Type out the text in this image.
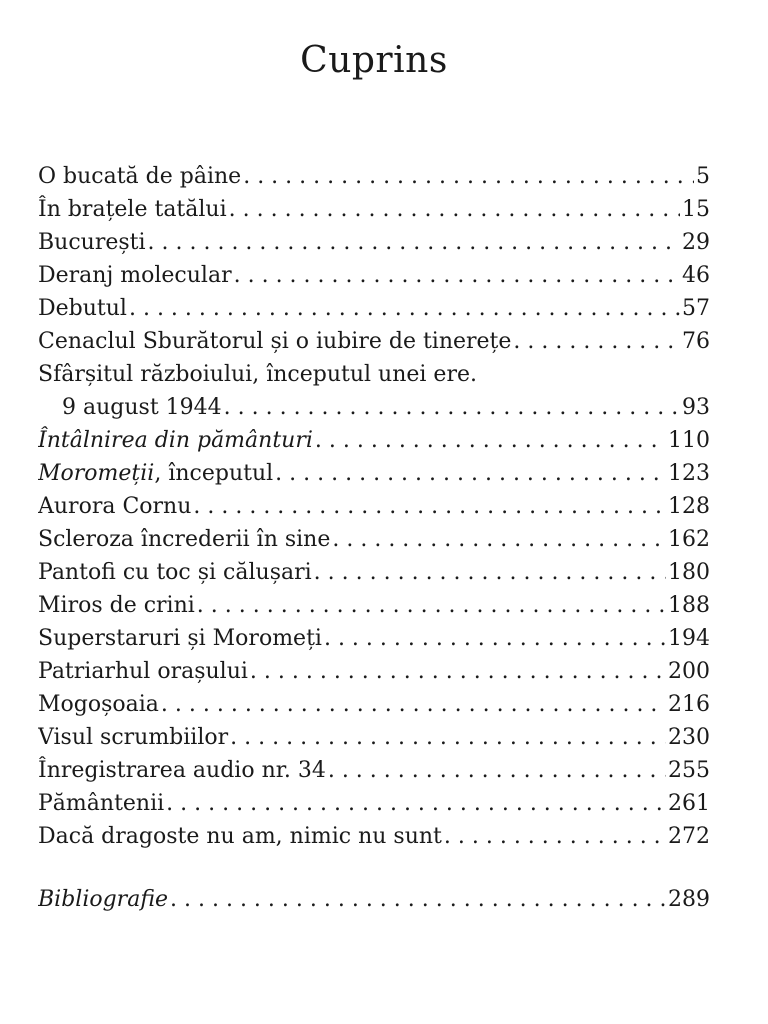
Cuprins
O bucată de pâine . . .	5
În brațele tatălui . . .	15
București . . .	29
Deranj molecular . . .	46
Debutul . . .	57
Cenaclul Sburătorul și o iubire de tinerețe . . .	76
Sfârșitul războiului, începutul unei ere.
9 august 1944 . . .	93
Întâlnirea din pământuri . . .	110
Moromeții, începutul . . .	123
Aurora Cornu . . .	128
Scleroza încrederii în sine . . .	162
Pantofi cu toc și călușari . . .	180
Miros de crini . . .	188
Superstaruri și Moromeți . . .	194
Patriarhul orașului . . .	200
Mogoșoaia . . .	216
Visul scrumbiilor . . .	230
Înregistrarea audio nr. 34 . . .	255
Pământenii . . .	261
Dacă dragoste nu am, nimic nu sunt . . .	272
Bibliografie . . .	289
